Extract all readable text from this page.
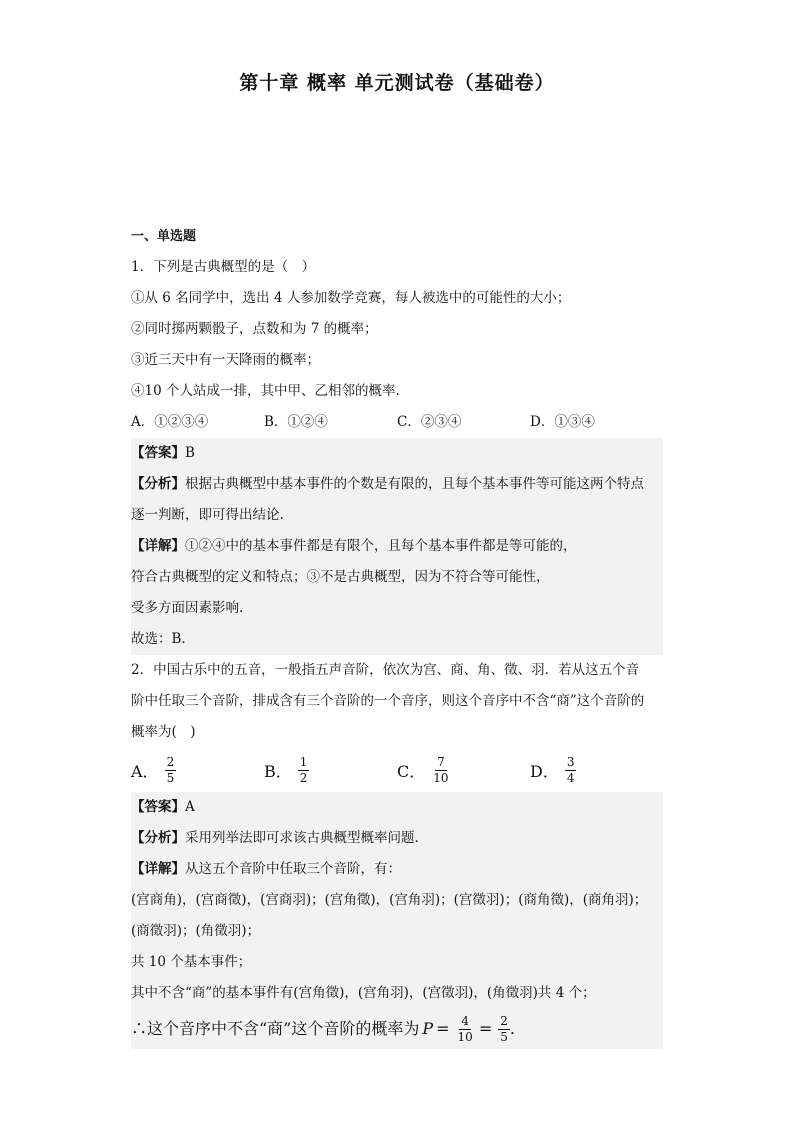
第十章 概率 单元测试卷（基础卷）
一、单选题
1．下列是古典概型的是（　）
①从 6 名同学中，选出 4 人参加数学竞赛，每人被选中的可能性的大小；
②同时掷两颗骰子，点数和为 7 的概率；
③近三天中有一天降雨的概率；
④10 个人站成一排，其中甲、乙相邻的概率.
A．①②③④	B．①②④	C．②③④	D．①③④
【答案】B
【分析】根据古典概型中基本事件的个数是有限的，且每个基本事件等可能这两个特点
逐一判断，即可得出结论.
【详解】①②④中的基本事件都是有限个，且每个基本事件都是等可能的，
符合古典概型的定义和特点；③不是古典概型，因为不符合等可能性，
受多方面因素影响.
故选：B.
2．中国古乐中的五音，一般指五声音阶，依次为宫、商、角、徵、羽．若从这五个音
阶中任取三个音阶，排成含有三个音阶的一个音序，则这个音序中不含“商”这个音阶的
概率为(　)
A． $\frac{2}{5}$	B． $\frac{1}{2}$	C． $\frac{7}{10}$	D． $\frac{3}{4}$
【答案】A
【分析】采用列举法即可求该古典概型概率问题.
【详解】从这五个音阶中任取三个音阶，有：
(宫商角)，(宫商徵)，(宫商羽)；(宫角徵)，(宫角羽)；(宫徵羽)；(商角徵)，(商角羽)；
(商徵羽)；(角徵羽)；
共 10 个基本事件；
其中不含“商”的基本事件有(宫角徵)，(宫角羽)，(宫徵羽)，(角徵羽)共 4 个；
∴这个音序中不含“商”这个音阶的概率为 $P = \frac{4}{10} = \frac{2}{5}$ .
